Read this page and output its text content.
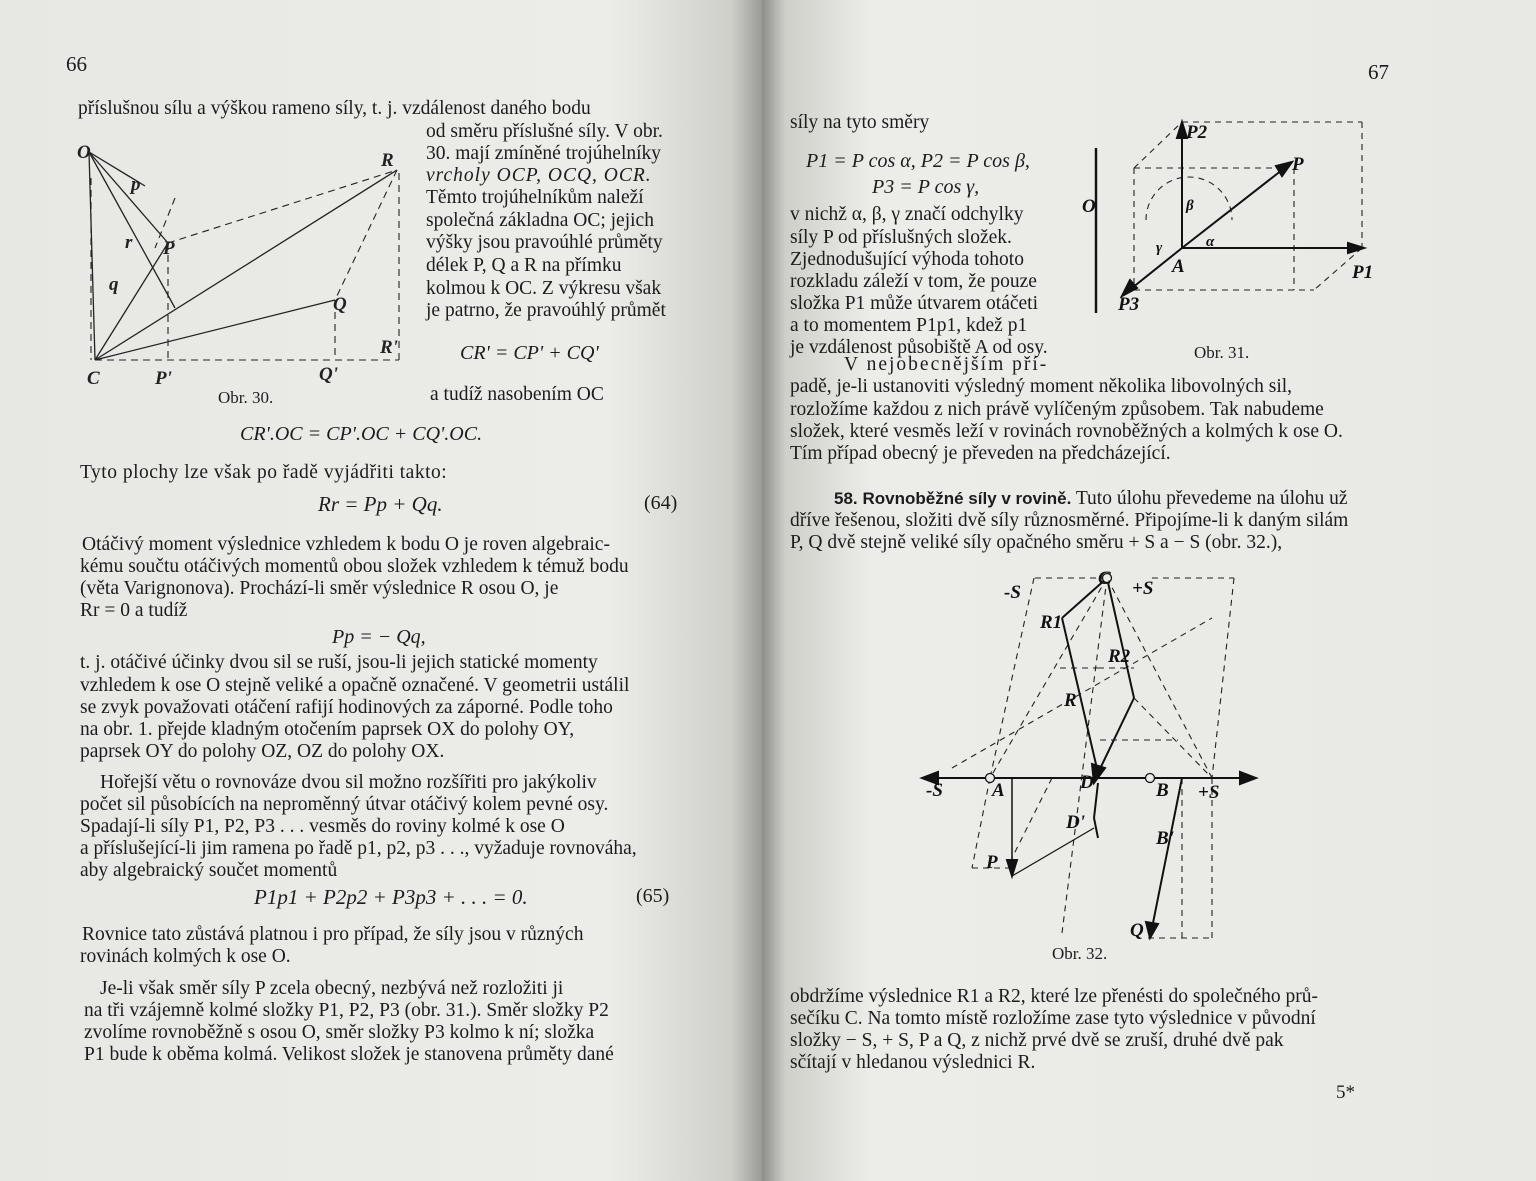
66
příslušnou sílu a výškou rameno síly, t. j. vzdálenost daného bodu
od směru příslušné síly. V obr.
30. mají zmíněné trojúhelníky
vrcholy OCP, OCQ, OCR.
Těmto trojúhelníkům naleží
společná základna OC; jejich
výšky jsou pravoúhlé průměty
délek P, Q a R na přímku
kolmou k OC. Z výkresu však
je patrno, že pravoúhlý průmět
O	R
p
r P
q
Q
R'
C	P'	Q'
Obr. 30.
CR' = CP' + CQ'
a tudíž nasobením OC
CR'.OC = CP'.OC + CQ'.OC.
Tyto plochy lze však po řadě vyjádřiti takto:
Rr = Pp + Qq.	(64)
Otáčivý moment výslednice vzhledem k bodu O je roven algebraic-
kému součtu otáčivých momentů obou složek vzhledem k témuž bodu
(věta Varignonova). Prochází-li směr výslednice R osou O, je
Rr = 0 a tudíž
Pp = − Qq,
t. j. otáčivé účinky dvou sil se ruší, jsou-li jejich statické momenty
vzhledem k ose O stejně veliké a opačně označené. V geometrii ustálil
se zvyk považovati otáčení rafijí hodinových za záporné. Podle toho
na obr. 1. přejde kladným otočením paprsek OX do polohy OY,
paprsek OY do polohy OZ, OZ do polohy OX.
Hořejší větu o rovnováze dvou sil možno rozšířiti pro jakýkoliv
počet sil působících na neproměnný útvar otáčivý kolem pevné osy.
Spadají-li síly P1, P2, P3 . . . vesměs do roviny kolmé k ose O
a příslušející-li jim ramena po řadě p1, p2, p3 . . ., vyžaduje rovnováha,
aby algebraický součet momentů
P1p1 + P2p2 + P3p3 + . . . = 0.	(65)
Rovnice tato zůstává platnou i pro případ, že síly jsou v různých
rovinách kolmých k ose O.
Je-li však směr síly P zcela obecný, nezbývá než rozložiti ji
na tři vzájemně kolmé složky P1, P2, P3 (obr. 31.). Směr složky P2
zvolíme rovnoběžně s osou O, směr složky P3 kolmo k ní; složka
P1 bude k oběma kolmá. Velikost složek je stanovena průměty dané
67
síly na tyto směry
P1 = P cos α, P2 = P cos β,
P3 = P cos γ,
v nichž α, β, γ značí odchylky
síly P od příslušných složek.
Zjednodušující výhoda tohoto
rozkladu záleží v tom, že pouze
složka P1 může útvarem otáčeti
a to momentem P1p1, kdež p1
je vzdálenost působiště A od osy.
V nejobecnějším pří-
P2
P
O	β
γ	α
A	P1
P3
Obr. 31.
padě, je-li ustanoviti výsledný moment několika libovolných sil,
rozložíme každou z nich právě vylíčeným způsobem. Tak nabudeme
složek, které vesměs leží v rovinách rovnoběžných a kolmých k ose O.
Tím případ obecný je převeden na předcházející.
58. Rovnoběžné síly v rovině. Tuto úlohu převedeme na úlohu už
dříve řešenou, složiti dvě síly různosměrné. Připojíme-li k daným silám
P, Q dvě stejně veliké síly opačného směru + S a − S (obr. 32.),
-S
C +S
R1
R2
R
-S	A	D	B +S
D'
B'
P
Q
Obr. 32.
obdržíme výslednice R1 a R2, které lze přenésti do společného prů-
sečíku C. Na tomto místě rozložíme zase tyto výslednice v původní
složky − S, + S, P a Q, z nichž prvé dvě se zruší, druhé dvě pak
sčítají v hledanou výslednici R.
5*
